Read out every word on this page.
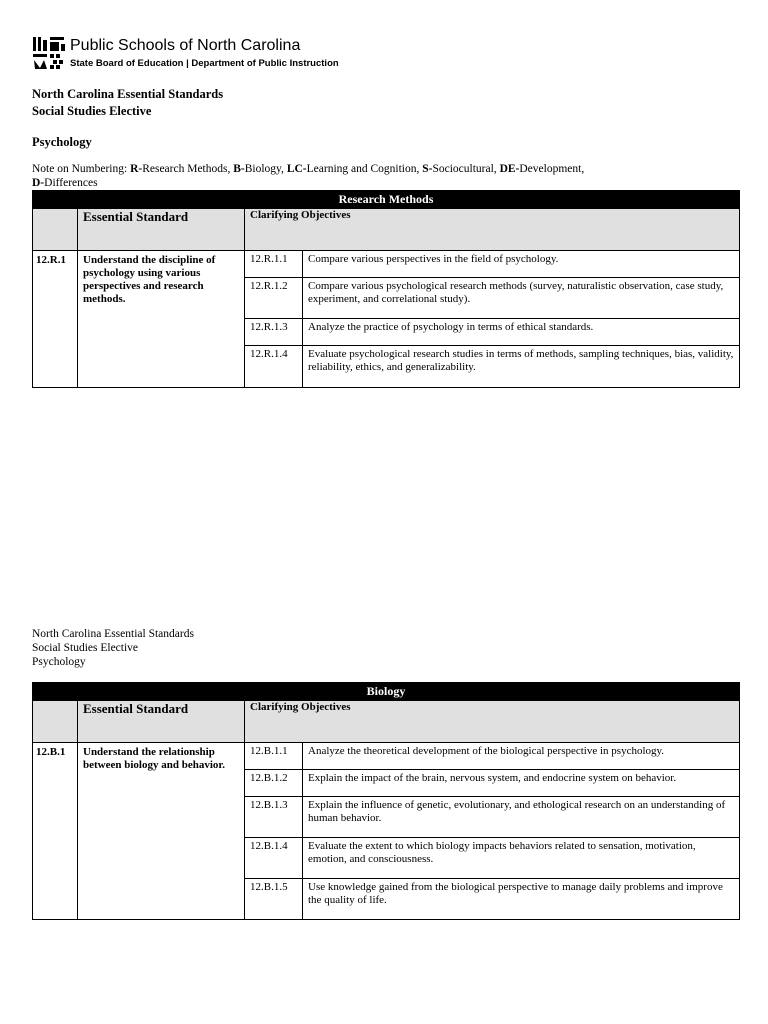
Public Schools of North Carolina
State Board of Education | Department of Public Instruction
North Carolina Essential Standards
Social Studies Elective
Psychology
Note on Numbering: R-Research Methods, B-Biology, LC-Learning and Cognition, S-Sociocultural, DE-Development,
D-Differences
Research Methods			
	Essential Standard	Clarifying Objectives	
12.R.1	Understand the discipline of psychology using various perspectives and research methods.	12.R.1.1	Compare various perspectives in the field of psychology.
		12.R.1.2	Compare various psychological research methods (survey, naturalistic observation, case study, experiment, and correlational study).
		12.R.1.3	Analyze the practice of psychology in terms of ethical standards.
		12.R.1.4	Evaluate psychological research studies in terms of methods, sampling techniques, bias, validity, reliability, ethics, and generalizability.
North Carolina Essential Standards
Social Studies Elective
Psychology
Biology			
	Essential Standard	Clarifying Objectives	
12.B.1	Understand the relationship between biology and behavior.	12.B.1.1	Analyze the theoretical development of the biological perspective in psychology.
		12.B.1.2	Explain the impact of the brain, nervous system, and endocrine system on behavior.
		12.B.1.3	Explain the influence of genetic, evolutionary, and ethological research on an understanding of human behavior.
		12.B.1.4	Evaluate the extent to which biology impacts behaviors related to sensation, motivation, emotion, and consciousness.
		12.B.1.5	Use knowledge gained from the biological perspective to manage daily problems and improve the quality of life.
